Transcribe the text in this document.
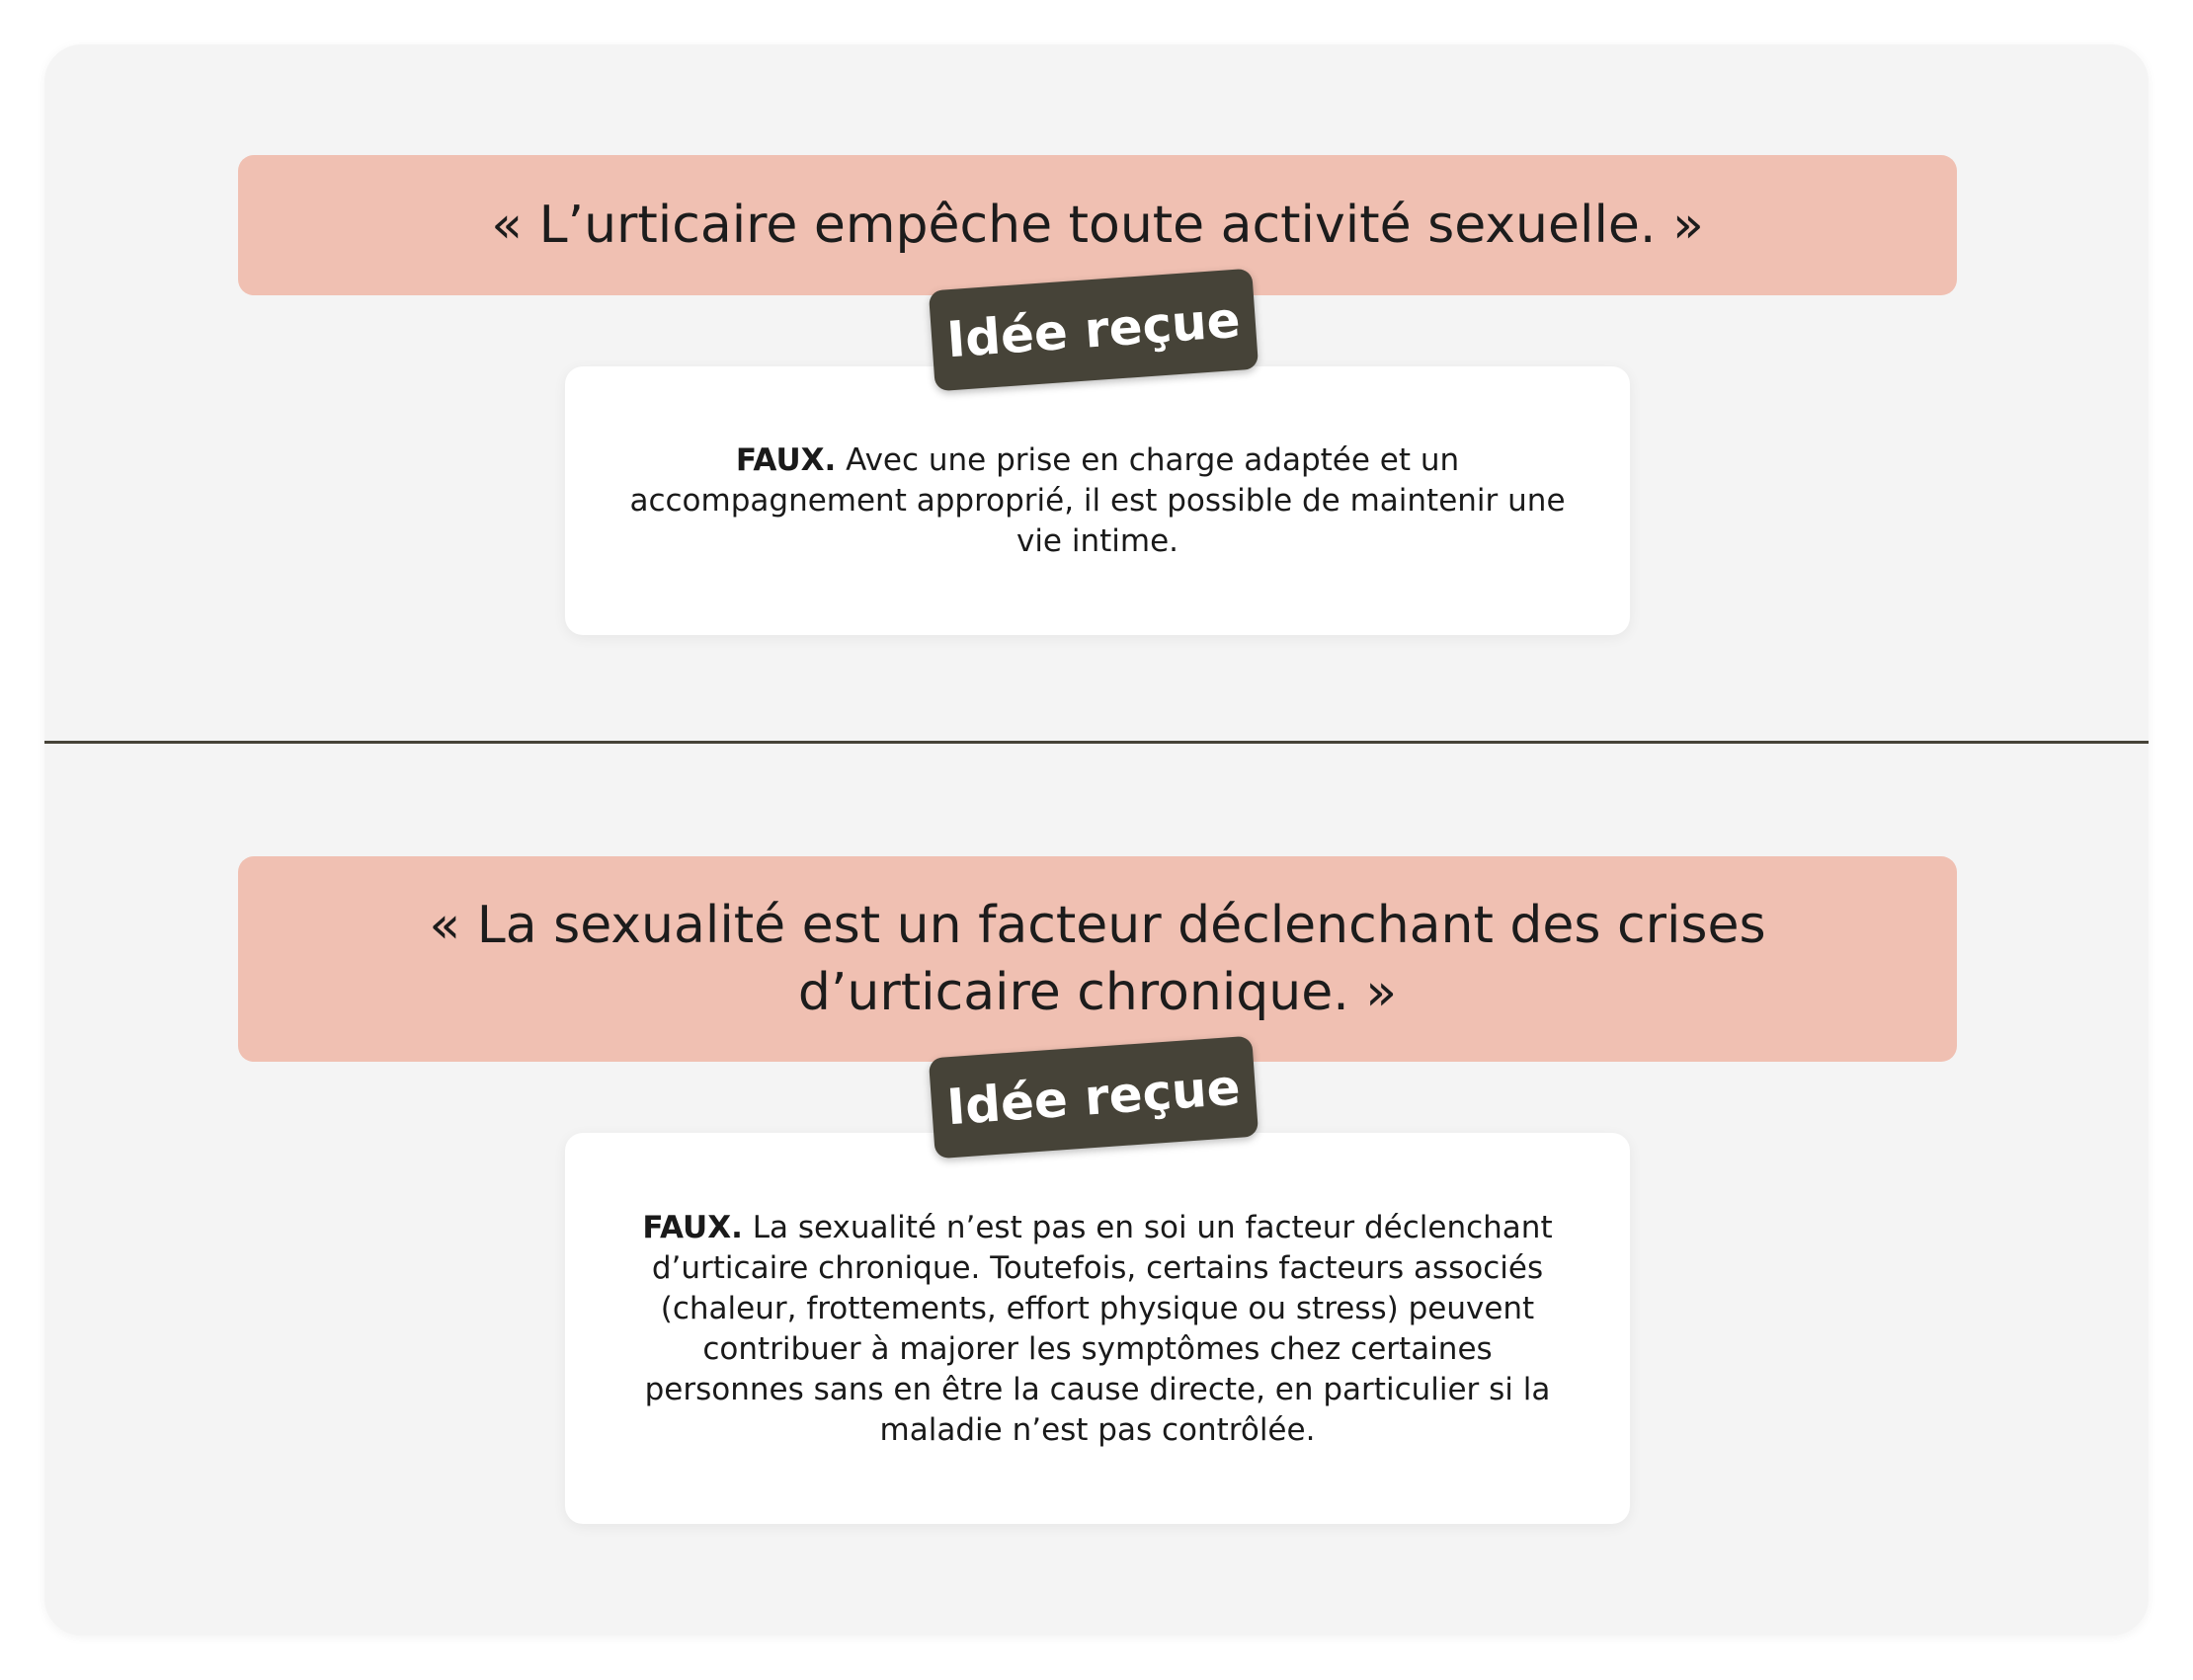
« L’urticaire empêche toute activité sexuelle. »
FAUX. Avec une prise en charge adaptée et un accompagnement approprié, il est possible de maintenir une vie intime.
Idée reçue
« La sexualité est un facteur déclenchant des crises d’urticaire chronique. »
FAUX. La sexualité n’est pas en soi un facteur déclenchant d’urticaire chronique. Toutefois, certains facteurs associés (chaleur, frottements, effort physique ou stress) peuvent contribuer à majorer les symptômes chez certaines personnes sans en être la cause directe, en particulier si la maladie n’est pas contrôlée.
Idée reçue
